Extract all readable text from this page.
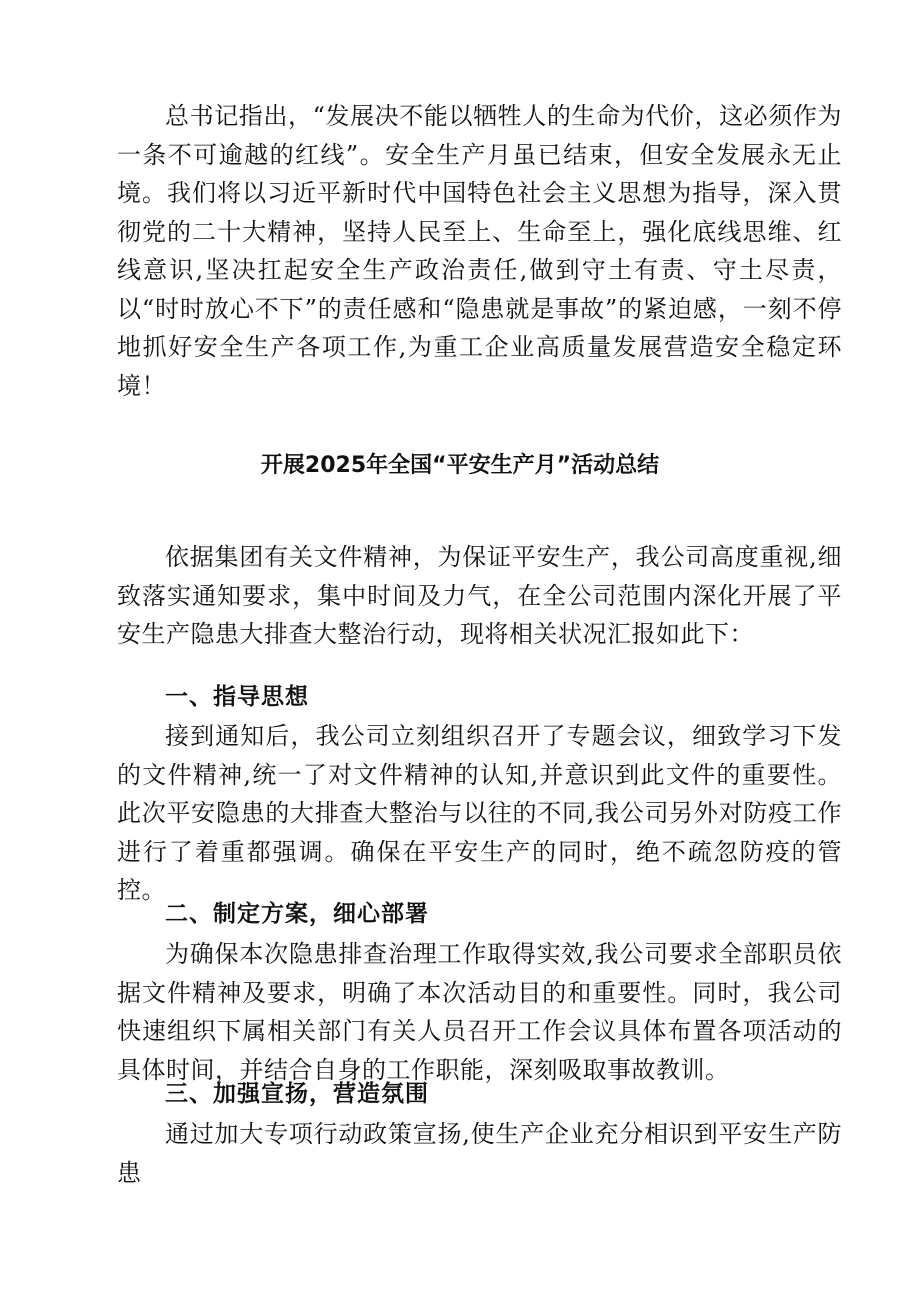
总书记指出，“发展决不能以牺牲人的生命为代价，这必须作为一条不可逾越的红线”。安全生产月虽已结束，但安全发展永无止境。我们将以习近平新时代中国特色社会主义思想为指导，深入贯彻党的二十大精神，坚持人民至上、生命至上，强化底线思维、红线意识,坚决扛起安全生产政治责任,做到守土有责、守土尽责，以“时时放心不下”的责任感和“隐患就是事故”的紧迫感，一刻不停地抓好安全生产各项工作,为重工企业高质量发展营造安全稳定环境！

开展2025年全国“平安生产月”活动总结

依据集团有关文件精神，为保证平安生产，我公司高度重视,细致落实通知要求，集中时间及力气，在全公司范围内深化开展了平安生产隐患大排查大整治行动，现将相关状况汇报如此下：

一、指导思想

接到通知后，我公司立刻组织召开了专题会议，细致学习下发的文件精神,统一了对文件精神的认知,并意识到此文件的重要性。此次平安隐患的大排查大整治与以往的不同,我公司另外对防疫工作进行了着重都强调。确保在平安生产的同时，绝不疏忽防疫的管控。

二、制定方案，细心部署

为确保本次隐患排查治理工作取得实效,我公司要求全部职员依据文件精神及要求，明确了本次活动目的和重要性。同时，我公司快速组织下属相关部门有关人员召开工作会议具体布置各项活动的具体时间，并结合自身的工作职能，深刻吸取事故教训。

三、加强宣扬，营造氛围

通过加大专项行动政策宣扬,使生产企业充分相识到平安生产防患
